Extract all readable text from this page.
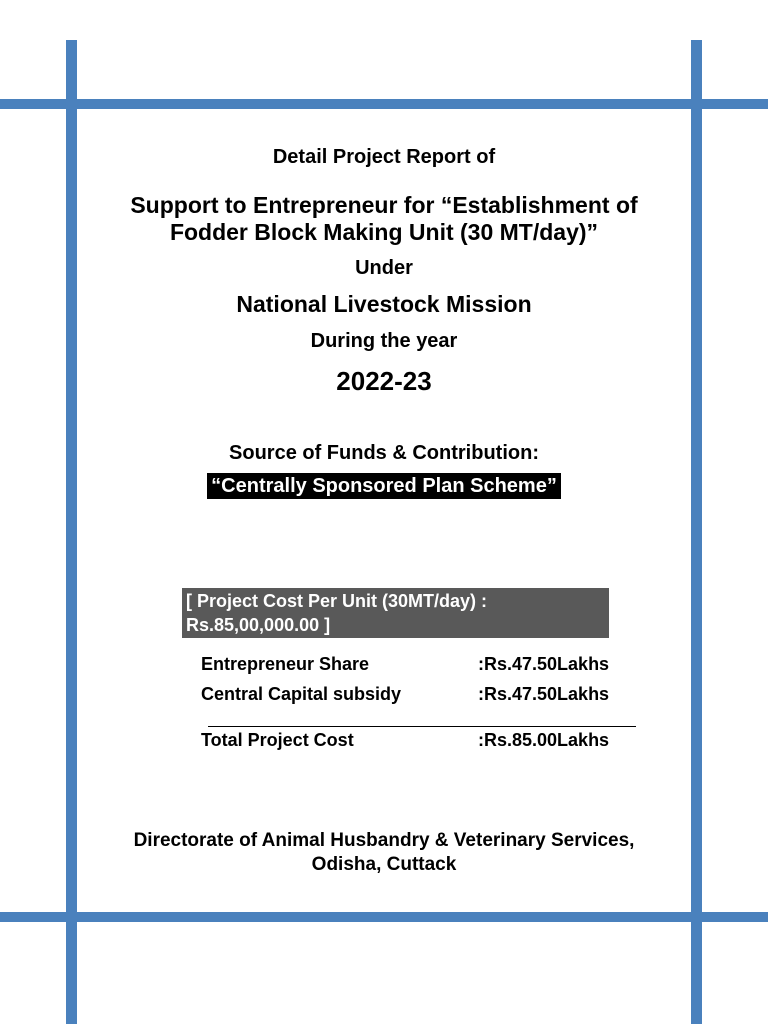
Detail Project Report of
Support to Entrepreneur for “Establishment of
Fodder Block Making Unit (30 MT/day)”
Under
National Livestock Mission
During the year
2022-23
Source of Funds & Contribution:
“Centrally Sponsored Plan Scheme”
[ Project Cost Per Unit (30MT/day) :
Rs.85,00,000.00 ]
Entrepreneur Share	:Rs.47.50Lakhs
Central Capital subsidy	:Rs.47.50Lakhs
Total Project Cost	:Rs.85.00Lakhs
Directorate of Animal Husbandry & Veterinary Services,
Odisha, Cuttack
